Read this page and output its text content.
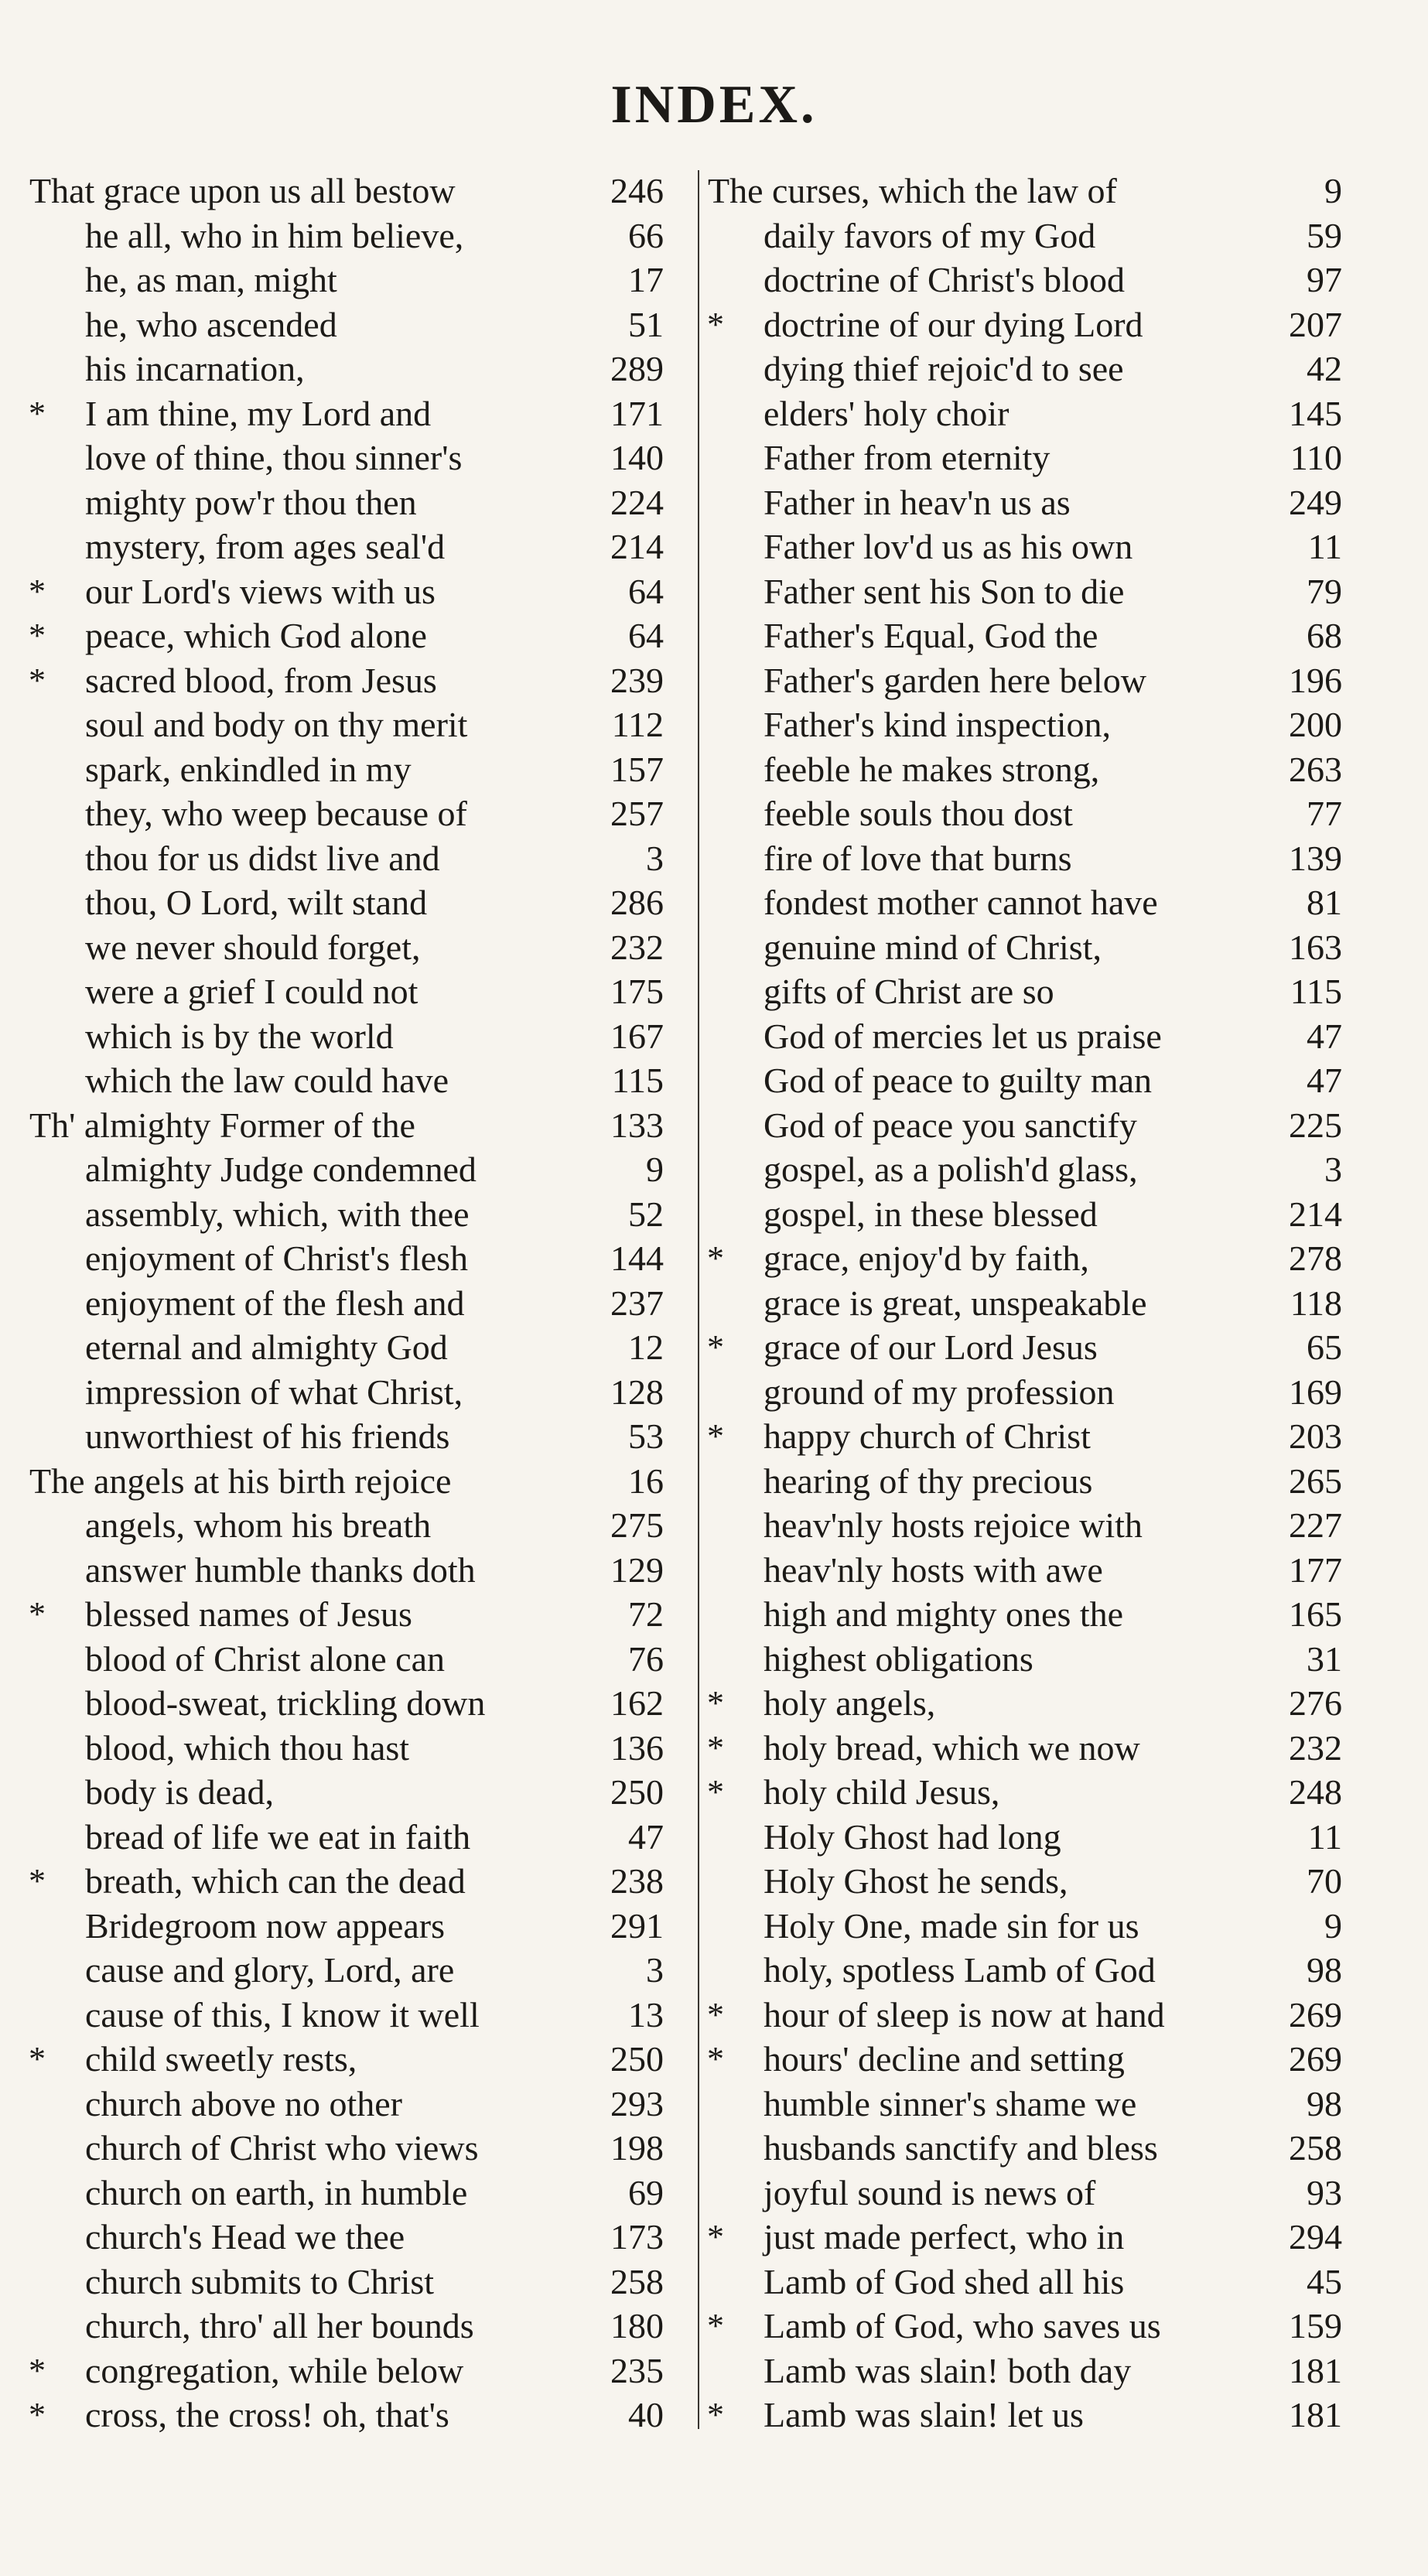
INDEX.
That grace upon us all bestow	246
he all, who in him believe,	66
he, as man, might	17
he, who ascended	51
his incarnation,	289
* I am thine, my Lord and	171
love of thine, thou sinner's	140
mighty pow'r thou then	224
mystery, from ages seal'd	214
* our Lord's views with us	64
* peace, which God alone	64
* sacred blood, from Jesus	239
soul and body on thy merit	112
spark, enkindled in my	157
they, who weep because of	257
thou for us didst live and	3
thou, O Lord, wilt stand	286
we never should forget,	232
were a grief I could not	175
which is by the world	167
which the law could have	115
Th' almighty Former of the	133
almighty Judge condemned	9
assembly, which, with thee	52
enjoyment of Christ's flesh	144
enjoyment of the flesh and	237
eternal and almighty God	12
impression of what Christ,	128
unworthiest of his friends	53
The angels at his birth rejoice	16
angels, whom his breath	275
answer humble thanks doth	129
* blessed names of Jesus	72
blood of Christ alone can	76
blood-sweat, trickling down	162
blood, which thou hast	136
body is dead,	250
bread of life we eat in faith	47
* breath, which can the dead	238
Bridegroom now appears	291
cause and glory, Lord, are	3
cause of this, I know it well	13
* child sweetly rests,	250
church above no other	293
church of Christ who views	198
church on earth, in humble	69
church's Head we thee	173
church submits to Christ	258
church, thro' all her bounds	180
* congregation, while below	235
* cross, the cross! oh, that's	40
The curses, which the law of	9
daily favors of my God	59
doctrine of Christ's blood	97
* doctrine of our dying Lord	207
dying thief rejoic'd to see	42
elders' holy choir	145
Father from eternity	110
Father in heav'n us as	249
Father lov'd us as his own	11
Father sent his Son to die	79
Father's Equal, God the	68
Father's garden here below	196
Father's kind inspection,	200
feeble he makes strong,	263
feeble souls thou dost	77
fire of love that burns	139
fondest mother cannot have	81
genuine mind of Christ,	163
gifts of Christ are so	115
God of mercies let us praise	47
God of peace to guilty man	47
God of peace you sanctify	225
gospel, as a polish'd glass,	3
gospel, in these blessed	214
* grace, enjoy'd by faith,	278
grace is great, unspeakable	118
* grace of our Lord Jesus	65
ground of my profession	169
* happy church of Christ	203
hearing of thy precious	265
heav'nly hosts rejoice with	227
heav'nly hosts with awe	177
high and mighty ones the	165
highest obligations	31
* holy angels,	276
* holy bread, which we now	232
* holy child Jesus,	248
Holy Ghost had long	11
Holy Ghost he sends,	70
Holy One, made sin for us	9
holy, spotless Lamb of God	98
* hour of sleep is now at hand	269
* hours' decline and setting	269
humble sinner's shame we	98
husbands sanctify and bless	258
joyful sound is news of	93
* just made perfect, who in	294
Lamb of God shed all his	45
* Lamb of God, who saves us	159
Lamb was slain! both day	181
* Lamb was slain! let us	181
